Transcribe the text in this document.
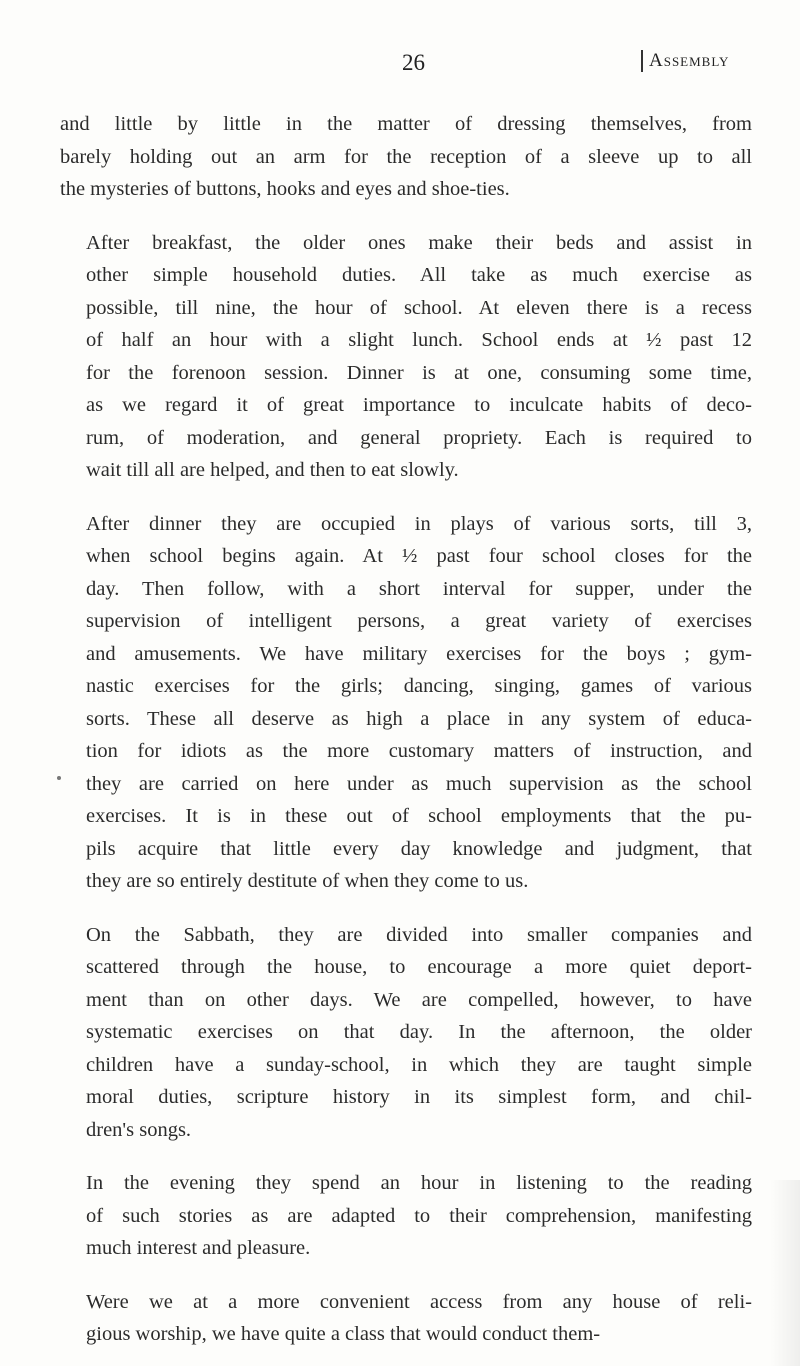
26	Assembly

and little by little in the matter of dressing themselves, from
barely holding out an arm for the reception of a sleeve up to all
the mysteries of buttons, hooks and eyes and shoe-ties.

After breakfast, the older ones make their beds and assist in
other simple household duties. All take as much exercise as
possible, till nine, the hour of school. At eleven there is a recess
of half an hour with a slight lunch. School ends at ½ past 12
for the forenoon session. Dinner is at one, consuming some time,
as we regard it of great importance to inculcate habits of deco-
rum, of moderation, and general propriety. Each is required to
wait till all are helped, and then to eat slowly.

After dinner they are occupied in plays of various sorts, till 3,
when school begins again. At ½ past four school closes for the
day. Then follow, with a short interval for supper, under the
supervision of intelligent persons, a great variety of exercises
and amusements. We have military exercises for the boys ; gym-
nastic exercises for the girls; dancing, singing, games of various
sorts. These all deserve as high a place in any system of educa-
tion for idiots as the more customary matters of instruction, and
they are carried on here under as much supervision as the school
exercises. It is in these out of school employments that the pu-
pils acquire that little every day knowledge and judgment, that
they are so entirely destitute of when they come to us.

On the Sabbath, they are divided into smaller companies and
scattered through the house, to encourage a more quiet deport-
ment than on other days. We are compelled, however, to have
systematic exercises on that day. In the afternoon, the older
children have a sunday-school, in which they are taught simple
moral duties, scripture history in its simplest form, and chil-
dren's songs.

In the evening they spend an hour in listening to the reading
of such stories as are adapted to their comprehension, manifesting
much interest and pleasure.

Were we at a more convenient access from any house of reli-
gious worship, we have quite a class that would conduct them-
